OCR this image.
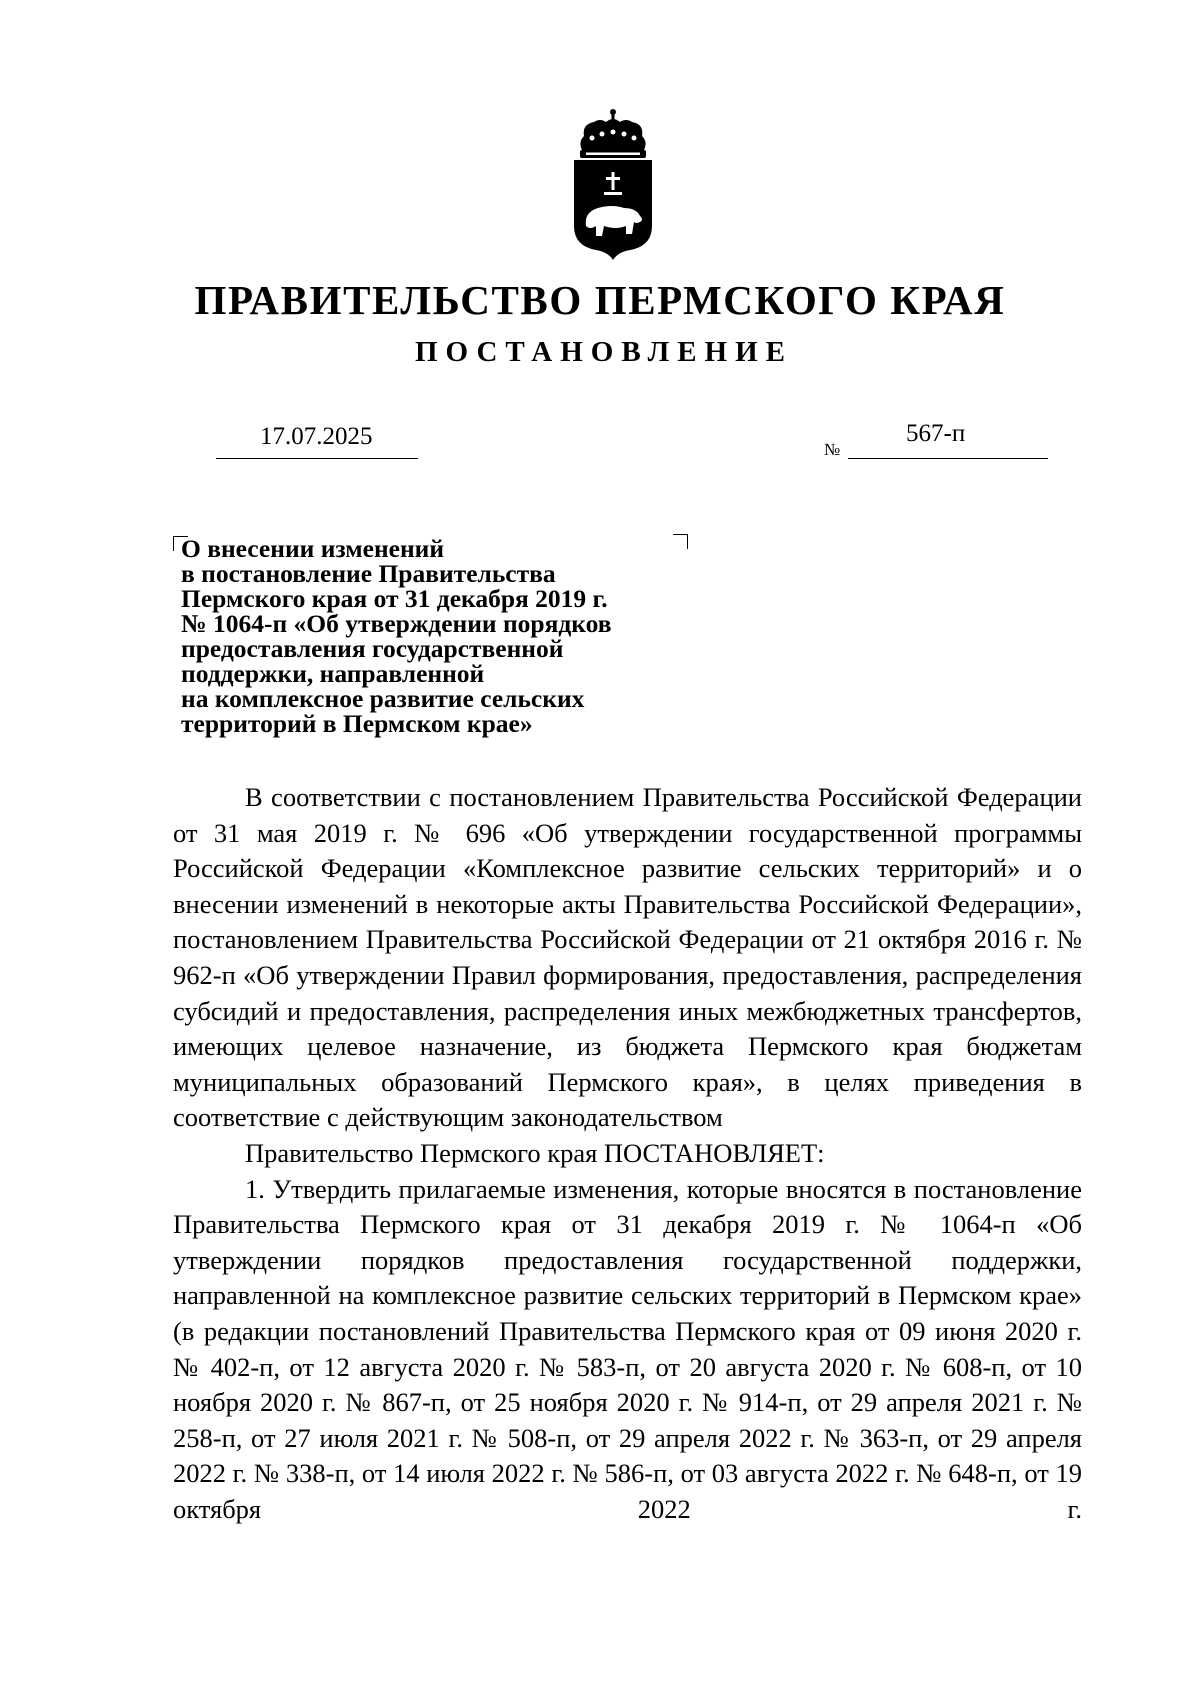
ПРАВИТЕЛЬСТВО ПЕРМСКОГО КРАЯ
ПОСТАНОВЛЕНИЕ
17.07.2025	№
567-п
О внесении изменений
в постановление Правительства
Пермского края от 31 декабря 2019 г.
№ 1064-п «Об утверждении порядков
предоставления государственной
поддержки, направленной
на комплексное развитие сельских
территорий в Пермском крае»

В соответствии с постановлением Правительства Российской Федерации от 31 мая 2019 г. № 696 «Об утверждении государственной программы Российской Федерации «Комплексное развитие сельских территорий» и о внесении изменений в некоторые акты Правительства Российской Федерации», постановлением Правительства Российской Федерации от 21 октября 2016 г. № 962-п «Об утверждении Правил формирования, предоставления, распределения субсидий и предоставления, распределения иных межбюджетных трансфертов, имеющих целевое назначение, из бюджета Пермского края бюджетам муниципальных образований Пермского края», в целях приведения в соответствие с действующим законодательством

Правительство Пермского края ПОСТАНОВЛЯЕТ:

1. Утвердить прилагаемые изменения, которые вносятся в постановление Правительства Пермского края от 31 декабря 2019 г. № 1064-п «Об утверждении порядков предоставления государственной поддержки, направленной на комплексное развитие сельских территорий в Пермском крае» (в редакции постановлений Правительства Пермского края от 09 июня 2020 г. № 402-п, от 12 августа 2020 г. № 583-п, от 20 августа 2020 г. № 608-п, от 10 ноября 2020 г. № 867-п, от 25 ноября 2020 г. № 914-п, от 29 апреля 2021 г. № 258-п, от 27 июля 2021 г. № 508-п, от 29 апреля 2022 г. № 363-п, от 29 апреля 2022 г. № 338-п, от 14 июля 2022 г. № 586-п, от 03 августа 2022 г. № 648-п, от 19 октября 2022 г.
